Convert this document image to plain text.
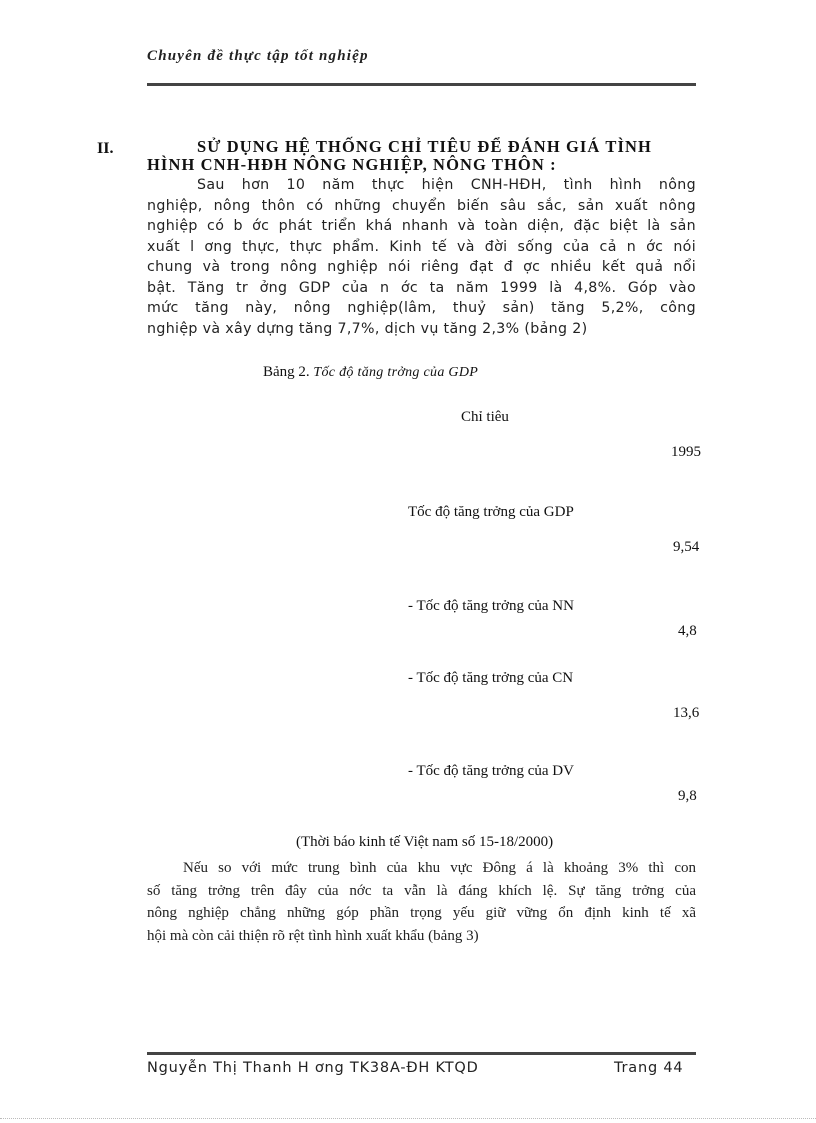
Chuyên đề thực tập tốt nghiệp
II.	SỬ DỤNG HỆ THỐNG CHỈ TIÊU ĐỂ ĐÁNH GIÁ TÌNH
HÌNH CNH-HĐH NÔNG NGHIỆP, NÔNG THÔN :
Sau hơn 10 năm thực hiện CNH-HĐH, tình hình nông
nghiệp, nông thôn có những chuyển biến sâu sắc, sản xuất nông
nghiệp có b ớc phát triển khá nhanh và toàn diện, đặc biệt là sản
xuất l ơng thực, thực phẩm. Kinh tế và đời sống của cả n ớc nói
chung và trong nông nghiệp nói riêng đạt đ ợc nhiều kết quả nổi
bật. Tăng tr ởng GDP của n ớc ta năm 1999 là 4,8%. Góp vào
mức tăng này, nông nghiệp(lâm, thuỷ sản) tăng 5,2%, công
nghiệp và xây dựng tăng 7,7%, dịch vụ tăng 2,3% (bảng 2)
Bảng 2. Tốc độ tăng trởng của GDP
Chỉ tiêu
1995
Tốc độ tăng trởng của GDP
9,54
- Tốc độ tăng trởng của NN
4,8
- Tốc độ tăng trởng của CN
13,6
- Tốc độ tăng trởng của DV
9,8
(Thời báo kinh tế Việt nam số 15-18/2000)
Nếu so với mức trung bình của khu vực Đông á là khoảng 3% thì con
số tăng trởng trên đây của nớc ta vẫn là đáng khích lệ. Sự tăng trởng của
nông nghiệp chẳng những góp phần trọng yếu giữ vững ổn định kinh tế xã
hội mà còn cải thiện rõ rệt tình hình xuất khẩu (bảng 3)
Nguyễn Thị Thanh H ơng TK38A-ĐH KTQD	Trang 44
